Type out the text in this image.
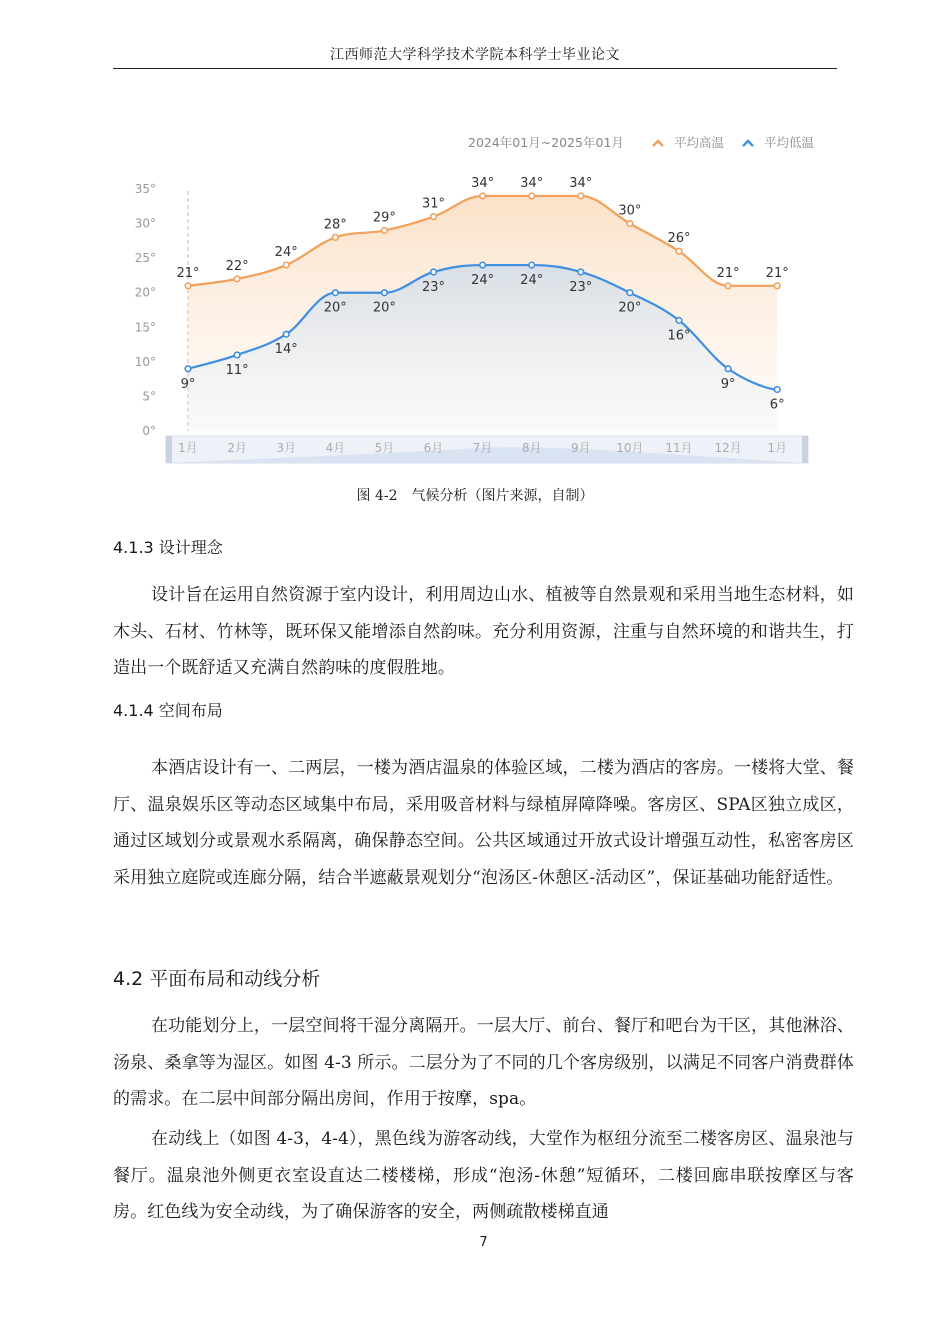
江西师范大学科学技术学院本科学士毕业论文
2024年01月~2025年01月	平均高温	平均低温
0°
5°
10°
15°
20°
25°
30°
35°
21° 22°
24°
28° 29°
31°
34° 34° 34°
30°
26°
21° 21°
9°
11°
14°
20° 20°
23° 24° 24° 23°
20°
16°
9°
6°
1月 2月 3月 4月 5月 6月 7月 8月 9月 10月 11月 12月 1月
图 4-2　气候分析（图片来源，自制）
4.1.3 设计理念
设计旨在运用自然资源于室内设计，利用周边山水、植被等自然景观和采用当地生态材料，如木头、石材、竹林等，既环保又能增添自然韵味。充分利用资源，注重与自然环境的和谐共生，打造出一个既舒适又充满自然韵味的度假胜地。
4.1.4 空间布局
本酒店设计有一、二两层，一楼为酒店温泉的体验区域，二楼为酒店的客房。一楼将大堂、餐厅、温泉娱乐区等动态区域集中布局，采用吸音材料与绿植屏障降噪。客房区、SPA区独立成区，通过区域划分或景观水系隔离，确保静态空间。公共区域通过开放式设计增强互动性，私密客房区采用独立庭院或连廊分隔，结合半遮蔽景观划分“泡汤区-休憩区-活动区”，保证基础功能舒适性。
4.2 平面布局和动线分析
在功能划分上，一层空间将干湿分离隔开。一层大厅、前台、餐厅和吧台为干区，其他淋浴、汤泉、桑拿等为湿区。如图 4-3 所示。二层分为了不同的几个客房级别，以满足不同客户消费群体的需求。在二层中间部分隔出房间，作用于按摩，spa。
在动线上（如图 4-3，4-4），黑色线为游客动线，大堂作为枢纽分流至二楼客房区、温泉池与餐厅。温泉池外侧更衣室设直达二楼楼梯，形成“泡汤-休憩”短循环，二楼回廊串联按摩区与客房。红色线为安全动线，为了确保游客的安全，两侧疏散楼梯直通
7
